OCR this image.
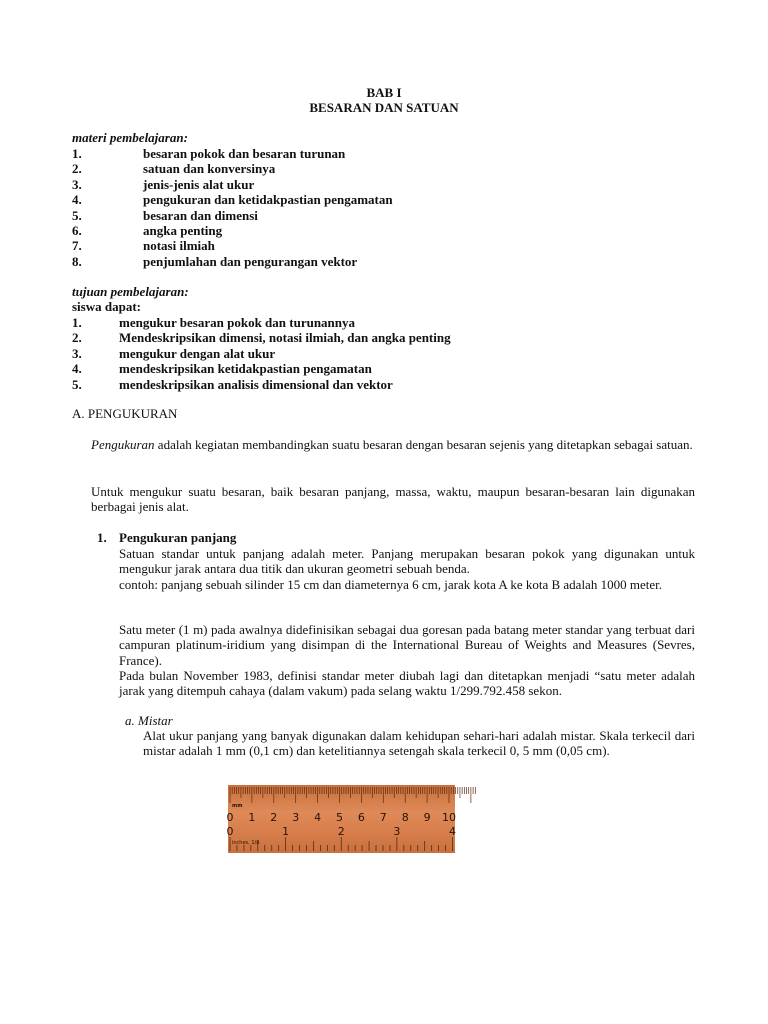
BAB I
BESARAN DAN SATUAN
materi pembelajaran:
1.	besaran pokok dan besaran turunan
2.	satuan dan konversinya
3.	jenis-jenis alat ukur
4.	pengukuran dan ketidakpastian pengamatan
5.	besaran dan dimensi
6.	angka penting
7.	notasi ilmiah
8.	penjumlahan dan pengurangan vektor
tujuan pembelajaran:
siswa dapat:
1.	mengukur besaran pokok dan turunannya
2.	Mendeskripsikan dimensi, notasi ilmiah, dan angka penting
3.	mengukur dengan alat ukur
4.	mendeskripsikan ketidakpastian pengamatan
5.	mendeskripsikan analisis dimensional dan vektor
A. PENGUKURAN
Pengukuran adalah kegiatan membandingkan suatu besaran dengan besaran sejenis yang ditetapkan sebagai satuan.
Untuk mengukur suatu besaran, baik besaran panjang, massa, waktu, maupun besaran-besaran lain digunakan berbagai jenis alat.
1. Pengukuran panjang
Satuan standar untuk panjang adalah meter. Panjang merupakan besaran pokok yang digunakan untuk mengukur jarak antara dua titik dan ukuran geometri sebuah benda.
contoh: panjang sebuah silinder 15 cm dan diameternya 6 cm, jarak kota A ke kota B adalah 1000 meter.
Satu meter (1 m) pada awalnya didefinisikan sebagai dua goresan pada batang meter standar yang terbuat dari campuran platinum-iridium yang disimpan di the International Bureau of Weights and Measures (Sevres, France).
Pada bulan November 1983, definisi standar meter diubah lagi dan ditetapkan menjadi “satu meter adalah jarak yang ditempuh cahaya (dalam vakum) pada selang waktu 1/299.792.458 sekon.
a. Mistar
Alat ukur panjang yang banyak digunakan dalam kehidupan sehari-hari adalah mistar. Skala terkecil dari mistar adalah 1 mm (0,1 cm) dan ketelitiannya setengah skala terkecil 0, 5 mm (0,05 cm).
0 1 2 3 4 5 6 7 8 9 10
0	1	2	3	4
mm
inches, 1/8
